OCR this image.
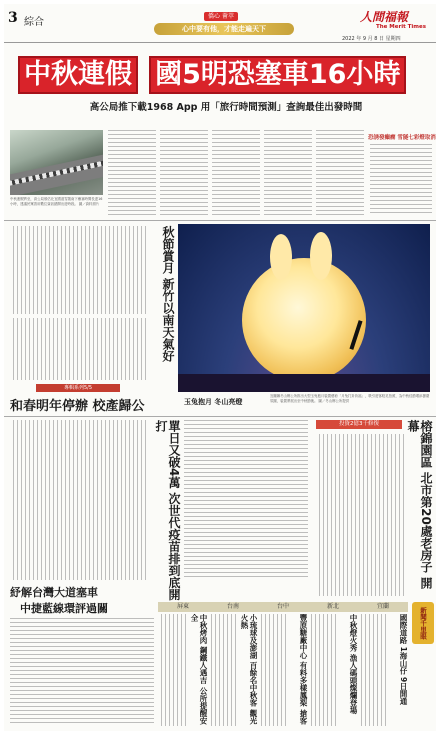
3 綜合
僑心 薈萃
心中要有他，才能走遍天下
人間福報
The Merit Times
2022 年 9 月 8 日 星期四
中秋連假 國5明恐塞車16小時
高公局推下載1968 App 用「旅行時間預測」查詢最佳出發時間
中秋連假將至，高公局預估北宜國道雪隧南下壅塞時間長達16小時，建議民眾善用數位資訊錯開出遊時段。 圖／資料照片
恐誘發癲癇 雪隧七彩燈取消
秋節賞月 新竹以南天氣好
玉兔抱月 冬山亮燈
宜蘭縣冬山鄉公所推出大型玉兔抱月裝置藝術「月兔打卦祈福」，吸引遊客駐足拍照，為中秋佳節增添節慶氛圍，裝置將展出至中秋節後。 圖／冬山鄉公所提供
專輯系列5/5
和春明年停辦 校產歸公
單日又破4萬 次世代疫苗排到底開打	投資2億3千修復	榕錦園區 北市第20處老房子 開幕
紓解台灣大道塞車
中捷藍線環評過關	屏東	台南	台中	新北	宜蘭
中秋烤肉 鋼鐵人遇吉 公所提醒安全	小琉球及澎湖 百餘名中秋客 觀光火熱	豐原糖廠中心 有料多樣鳳梨 搶客	中秋燈火秀 漁人碼頭燦爛登場	國際道路 1海山仔 9日開通	新聞千里眼
